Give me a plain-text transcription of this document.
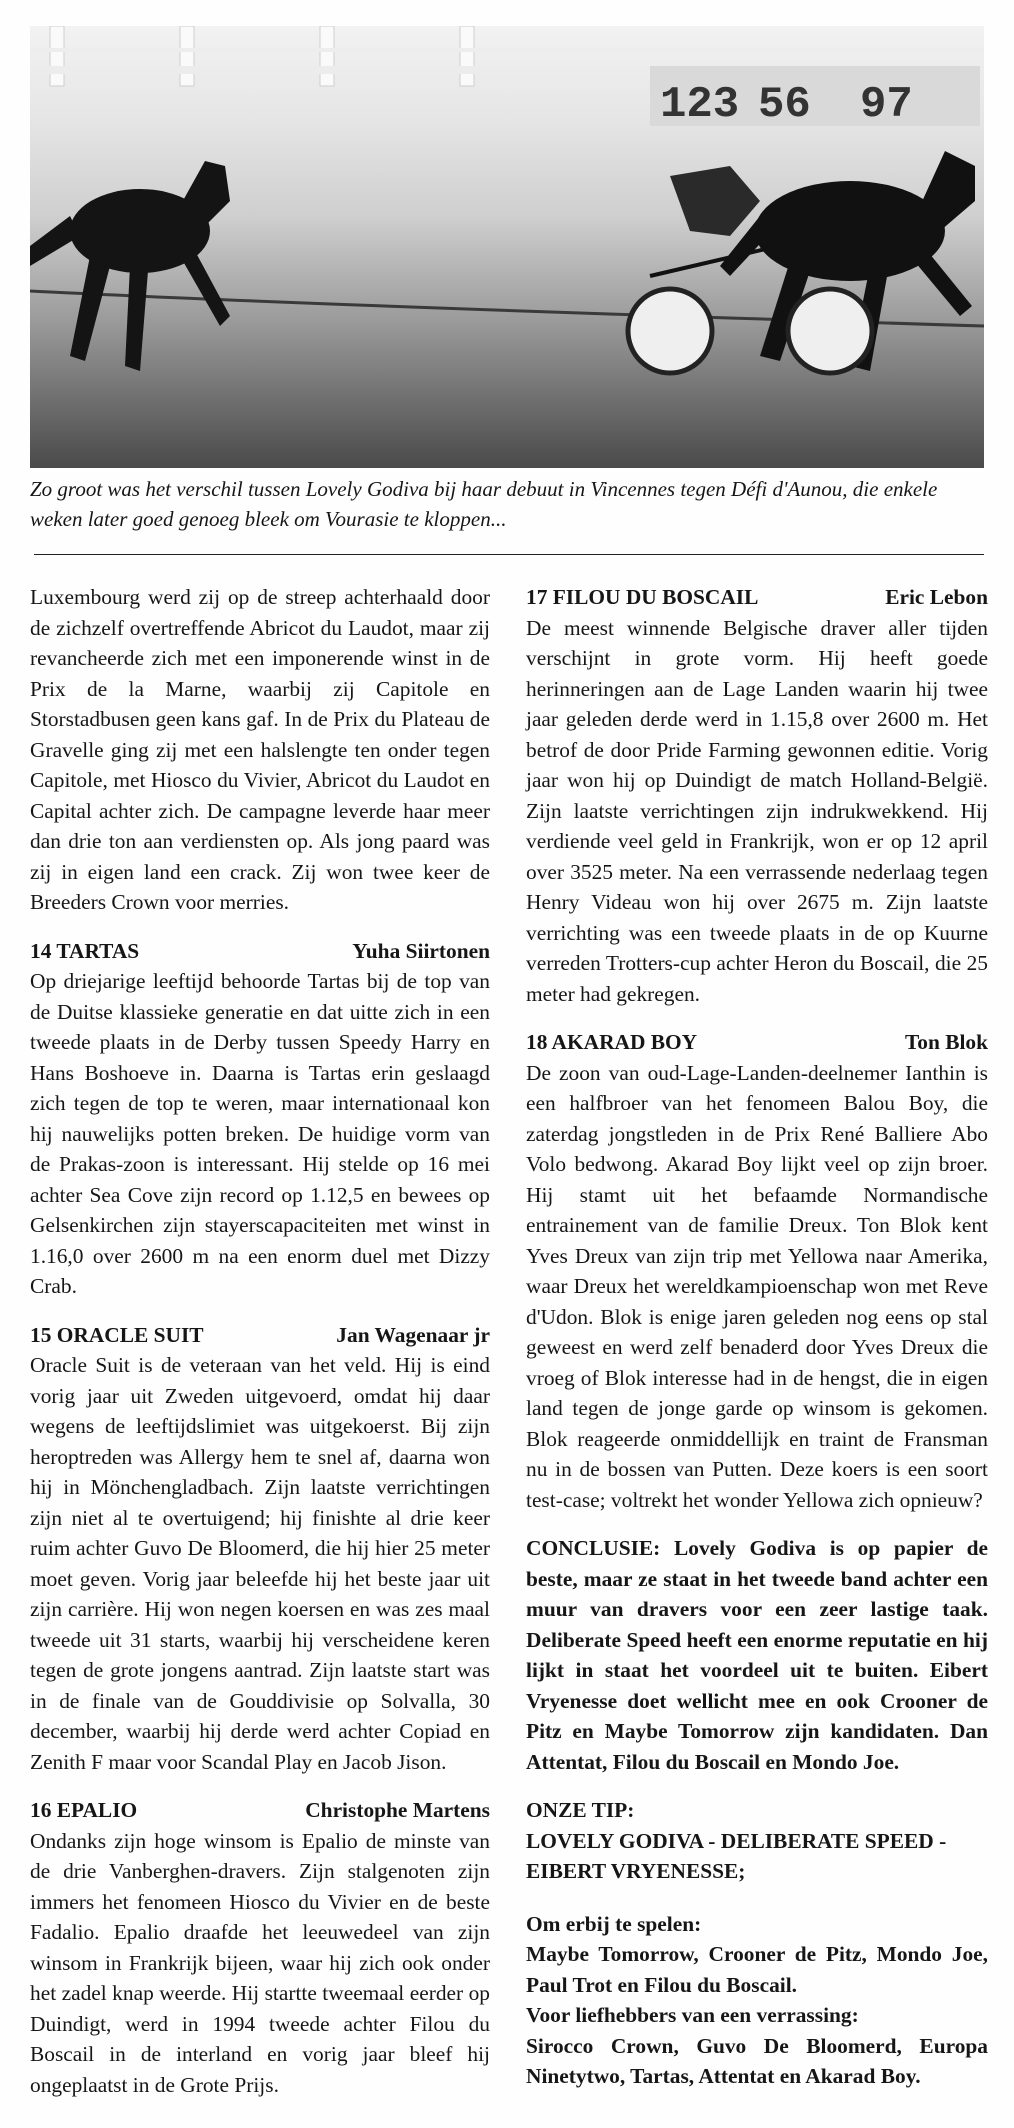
123 56 97
Zo groot was het verschil tussen Lovely Godiva bij haar debuut in Vincennes tegen Défi d'Aunou, die enkele weken later goed genoeg bleek om Vourasie te kloppen...

Luxembourg werd zij op de streep achterhaald door de zichzelf overtreffende Abricot du Laudot, maar zij revancheerde zich met een imponerende winst in de Prix de la Marne, waarbij zij Capitole en Storstadbusen geen kans gaf. In de Prix du Plateau de Gravelle ging zij met een halslengte ten onder tegen Capitole, met Hiosco du Vivier, Abricot du Laudot en Capital achter zich. De campagne leverde haar meer dan drie ton aan verdiensten op. Als jong paard was zij in eigen land een crack. Zij won twee keer de Breeders Crown voor merries.

14 TARTAS	Yuha Siirtonen

Op driejarige leeftijd behoorde Tartas bij de top van de Duitse klassieke generatie en dat uitte zich in een tweede plaats in de Derby tussen Speedy Harry en Hans Boshoeve in. Daarna is Tartas erin geslaagd zich tegen de top te weren, maar internationaal kon hij nauwelijks potten breken. De huidige vorm van de Prakas-zoon is interessant. Hij stelde op 16 mei achter Sea Cove zijn record op 1.12,5 en bewees op Gelsenkirchen zijn stayerscapaciteiten met winst in 1.16,0 over 2600 m na een enorm duel met Dizzy Crab.

15 ORACLE SUIT	Jan Wagenaar jr

Oracle Suit is de veteraan van het veld. Hij is eind vorig jaar uit Zweden uitgevoerd, omdat hij daar wegens de leeftijdslimiet was uitgekoerst. Bij zijn heroptreden was Allergy hem te snel af, daarna won hij in Mönchengladbach. Zijn laatste verrichtingen zijn niet al te overtuigend; hij finishte al drie keer ruim achter Guvo De Bloomerd, die hij hier 25 meter moet geven. Vorig jaar beleefde hij het beste jaar uit zijn carrière. Hij won negen koersen en was zes maal tweede uit 31 starts, waarbij hij verscheidene keren tegen de grote jongens aantrad. Zijn laatste start was in de finale van de Gouddivisie op Solvalla, 30 december, waarbij hij derde werd achter Copiad en Zenith F maar voor Scandal Play en Jacob Jison.

16 EPALIO	Christophe Martens

Ondanks zijn hoge winsom is Epalio de minste van de drie Vanberghen-dravers. Zijn stalgenoten zijn immers het fenomeen Hiosco du Vivier en de beste Fadalio. Epalio draafde het leeuwedeel van zijn winsom in Frankrijk bijeen, waar hij zich ook onder het zadel knap weerde. Hij startte tweemaal eerder op Duindigt, werd in 1994 tweede achter Filou du Boscail in de interland en vorig jaar bleef hij ongeplaatst in de Grote Prijs.

17 FILOU DU BOSCAIL	Eric Lebon

De meest winnende Belgische draver aller tijden verschijnt in grote vorm. Hij heeft goede herinneringen aan de Lage Landen waarin hij twee jaar geleden derde werd in 1.15,8 over 2600 m. Het betrof de door Pride Farming gewonnen editie. Vorig jaar won hij op Duindigt de match Holland-België. Zijn laatste verrichtingen zijn indrukwekkend. Hij verdiende veel geld in Frankrijk, won er op 12 april over 3525 meter. Na een verrassende nederlaag tegen Henry Videau won hij over 2675 m. Zijn laatste verrichting was een tweede plaats in de op Kuurne verreden Trotters-cup achter Heron du Boscail, die 25 meter had gekregen.

18 AKARAD BOY	Ton Blok

De zoon van oud-Lage-Landen-deelnemer Ianthin is een halfbroer van het fenomeen Balou Boy, die zaterdag jongstleden in de Prix René Balliere Abo Volo bedwong. Akarad Boy lijkt veel op zijn broer. Hij stamt uit het befaamde Normandische entrainement van de familie Dreux. Ton Blok kent Yves Dreux van zijn trip met Yellowa naar Amerika, waar Dreux het wereldkampioenschap won met Reve d'Udon. Blok is enige jaren geleden nog eens op stal geweest en werd zelf benaderd door Yves Dreux die vroeg of Blok interesse had in de hengst, die in eigen land tegen de jonge garde op winsom is gekomen. Blok reageerde onmiddellijk en traint de Fransman nu in de bossen van Putten. Deze koers is een soort test-case; voltrekt het wonder Yellowa zich opnieuw?

CONCLUSIE: Lovely Godiva is op papier de beste, maar ze staat in het tweede band achter een muur van dravers voor een zeer lastige taak. Deliberate Speed heeft een enorme reputatie en hij lijkt in staat het voordeel uit te buiten. Eibert Vryenesse doet wellicht mee en ook Crooner de Pitz en Maybe Tomorrow zijn kandidaten. Dan Attentat, Filou du Boscail en Mondo Joe.

ONZE TIP:

LOVELY GODIVA - DELIBERATE SPEED - EIBERT VRYENESSE;

Om erbij te spelen:

Maybe Tomorrow, Crooner de Pitz, Mondo Joe, Paul Trot en Filou du Boscail.

Voor liefhebbers van een verrassing:

Sirocco Crown, Guvo De Bloomerd, Europa Ninetytwo, Tartas, Attentat en Akarad Boy.
